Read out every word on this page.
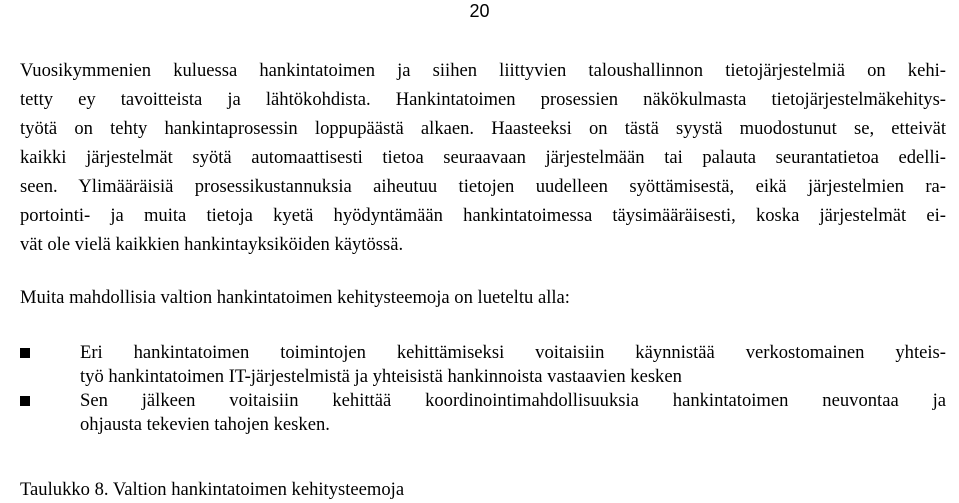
20
Vuosikymmenien kuluessa hankintatoimen ja siihen liittyvien taloushallinnon tietojärjestelmiä on kehi-
tetty ey tavoitteista ja lähtökohdista. Hankintatoimen prosessien näkökulmasta tietojärjestelmäkehitys-
työtä on tehty hankintaprosessin loppupäästä alkaen. Haasteeksi on tästä syystä muodostunut se, etteivät
kaikki järjestelmät syötä automaattisesti tietoa seuraavaan järjestelmään tai palauta seurantatietoa edelli-
seen. Ylimääräisiä prosessikustannuksia aiheutuu tietojen uudelleen syöttämisestä, eikä järjestelmien ra-
portointi- ja muita tietoja kyetä hyödyntämään hankintatoimessa täysimääräisesti, koska järjestelmät ei-
vät ole vielä kaikkien hankintayksiköiden käytössä.
Muita mahdollisia valtion hankintatoimen kehitysteemoja on lueteltu alla:
Eri hankintatoimen toimintojen kehittämiseksi voitaisiin käynnistää verkostomainen yhteis-
työ hankintatoimen IT-järjestelmistä ja yhteisistä hankinnoista vastaavien kesken
Sen jälkeen voitaisiin kehittää koordinointimahdollisuuksia hankintatoimen neuvontaa ja
ohjausta tekevien tahojen kesken.
Taulukko 8. Valtion hankintatoimen kehitysteemoja
